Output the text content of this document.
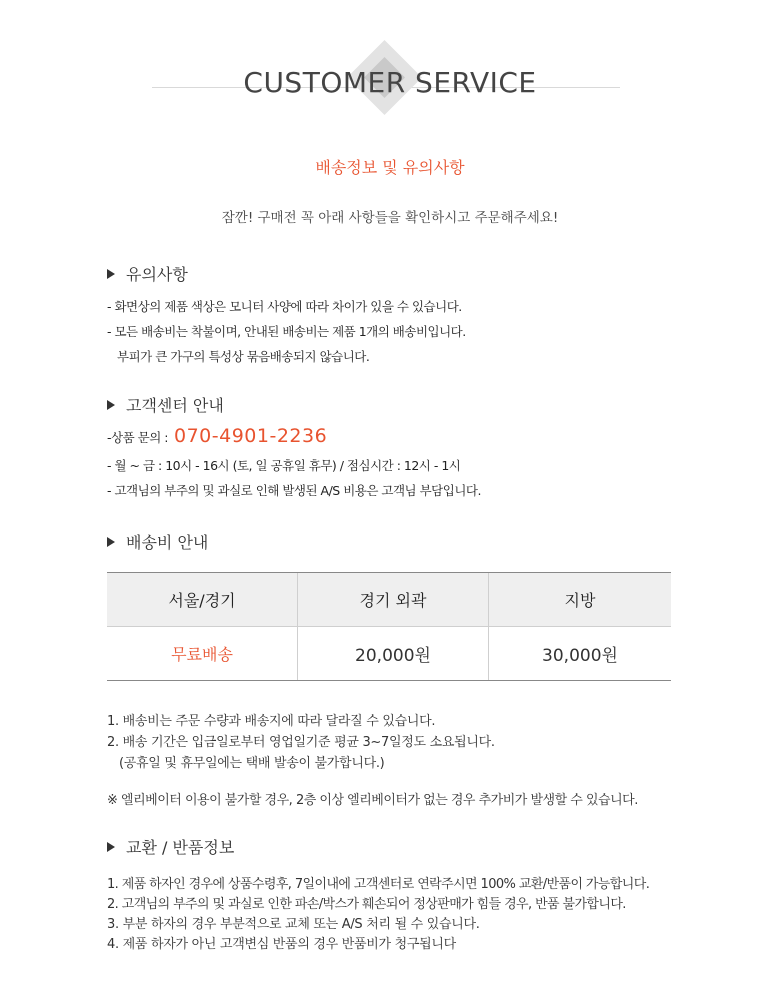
CUSTOMER SERVICE
배송정보 및 유의사항
잠깐! 구매전 꼭 아래 사항들을 확인하시고 주문해주세요!
유의사항
- 화면상의 제품 색상은 모니터 사양에 따라 차이가 있을 수 있습니다.
- 모든 배송비는 착불이며, 안내된 배송비는 제품 1개의 배송비입니다.
부피가 큰 가구의 특성상 묶음배송되지 않습니다.
고객센터 안내
-상품 문의 : 070-4901-2236
- 월 ~ 금 : 10시 - 16시 (토, 일 공휴일 휴무) / 점심시간 : 12시 - 1시
- 고객님의 부주의 및 과실로 인해 발생된 A/S 비용은 고객님 부담입니다.
배송비 안내
서울/경기	경기 외곽	지방
무료배송	20,000원	30,000원
1. 배송비는 주문 수량과 배송지에 따라 달라질 수 있습니다.
2. 배송 기간은 입금일로부터 영업일기준 평균 3~7일정도 소요됩니다.
(공휴일 및 휴무일에는 택배 발송이 불가합니다.)
※ 엘리베이터 이용이 불가할 경우, 2층 이상 엘리베이터가 없는 경우 추가비가 발생할 수 있습니다.
교환 / 반품정보
1. 제품 하자인 경우에 상품수령후, 7일이내에 고객센터로 연락주시면 100% 교환/반품이 가능합니다.
2. 고객님의 부주의 및 과실로 인한 파손/박스가 훼손되어 정상판매가 힘들 경우, 반품 불가합니다.
3. 부분 하자의 경우 부분적으로 교체 또는 A/S 처리 될 수 있습니다.
4. 제품 하자가 아닌 고객변심 반품의 경우 반품비가 청구됩니다
